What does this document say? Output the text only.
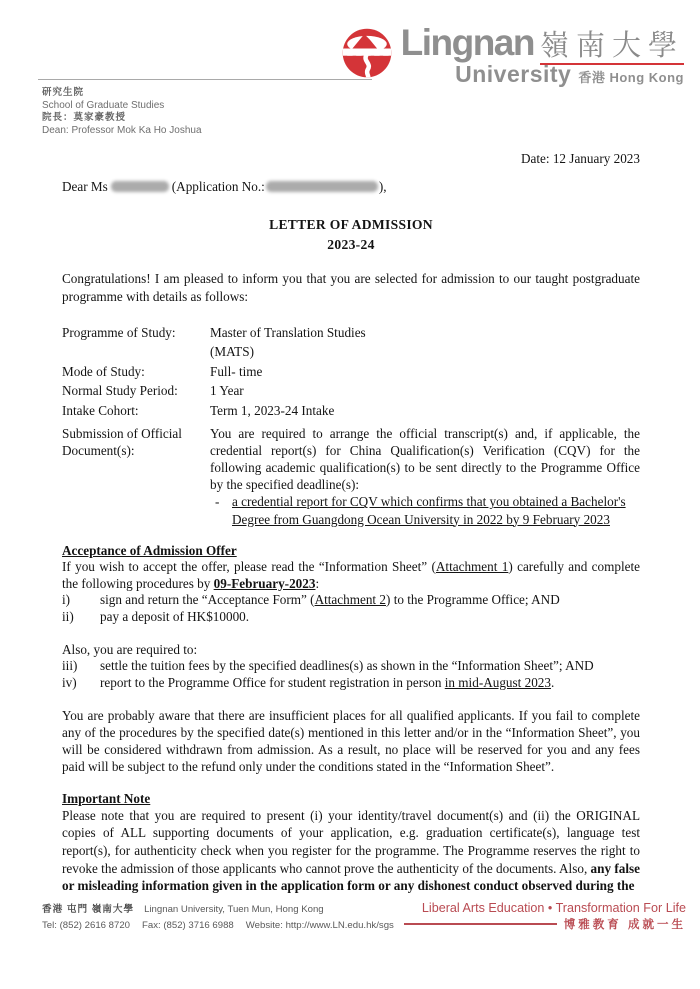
Lingnan 嶺南大學
University 香港 Hong Kong
研究生院
School of Graduate Studies
院長：莫家豪教授
Dean: Professor Mok Ka Ho Joshua
Date: 12 January 2023
Dear Ms	(Application No.:	),
LETTER OF ADMISSION
2023-24

Congratulations! I am pleased to inform you that you are selected for admission to our taught postgraduate programme with details as follows:

Programme of Study:	Master of Translation Studies
(MATS)
Mode of Study:	Full- time
Normal Study Period:	1 Year
Intake Cohort:	Term 1, 2023-24 Intake
Submission of Official
Document(s):
You are required to arrange the official transcript(s) and, if applicable, the credential report(s) for China Qualification(s) Verification (CQV) for the following academic qualification(s) to be sent directly to the Programme Office by the specified deadline(s):
- a credential report for CQV which confirms that you obtained a Bachelor's Degree from Guangdong Ocean University in 2022 by 9 February 2023
Acceptance of Admission Offer

If you wish to accept the offer, please read the “Information Sheet” (Attachment 1) carefully and complete the following procedures by 09-February-2023:

i)	sign and return the “Acceptance Form” (Attachment 2) to the Programme Office; AND
ii)	pay a deposit of HK$10000.
Also, you are required to:
iii)	settle the tuition fees by the specified deadlines(s) as shown in the “Information Sheet”; AND
iv)	report to the Programme Office for student registration in person in mid-August 2023.

You are probably aware that there are insufficient places for all qualified applicants. If you fail to complete any of the procedures by the specified date(s) mentioned in this letter and/or in the “Information Sheet”, you will be considered withdrawn from admission. As a result, no place will be reserved for you and any fees paid will be subject to the refund only under the conditions stated in the “Information Sheet”.

Important Note

Please note that you are required to present (i) your identity/travel document(s) and (ii) the ORIGINAL copies of ALL supporting documents of your application, e.g. graduation certificate(s), language test report(s), for authenticity check when you register for the programme. The Programme reserves the right to revoke the admission of those applicants who cannot prove the authenticity of the documents. Also, any false or misleading information given in the application form or any dishonest conduct observed during the

香港 屯門 嶺南大學 Lingnan University, Tuen Mun, Hong Kong
Tel: (852) 2616 8720 Fax: (852) 3716 6988 Website: http://www.LN.edu.hk/sgs
Liberal Arts Education • Transformation For Life
博雅教育 成就一生
